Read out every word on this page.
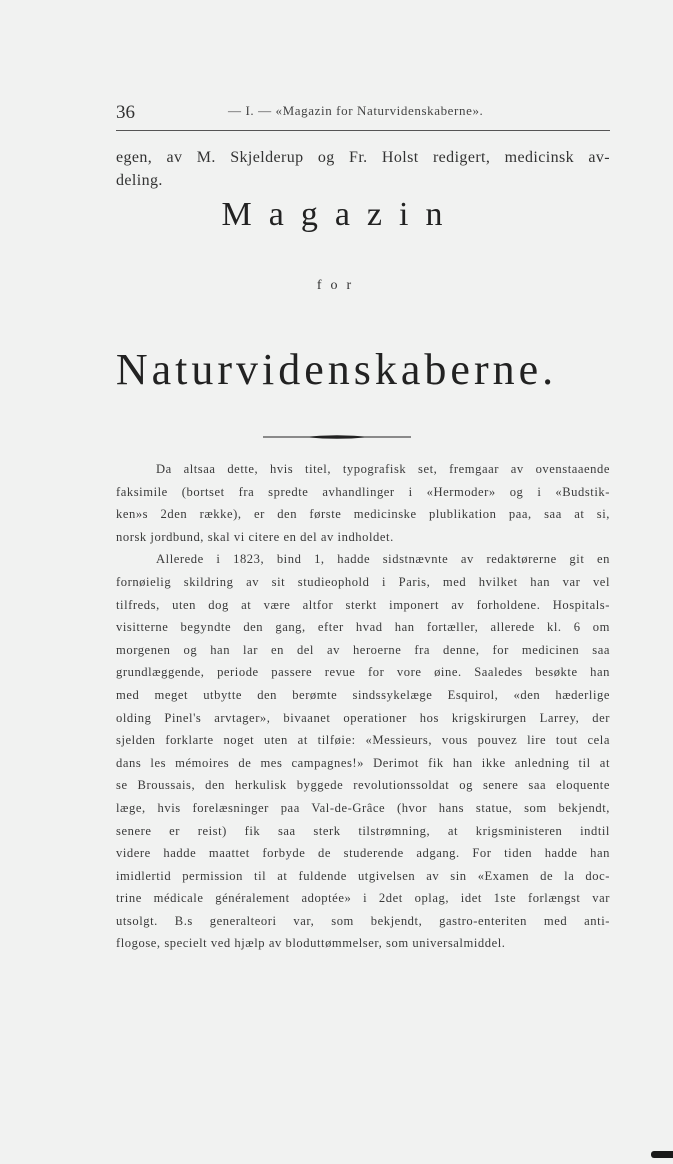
36	— I. — «Magazin for Naturvidenskaberne».
egen, av M. Skjelderup og Fr. Holst redigert, medicinsk av-
deling.
Magazin
for
Naturvidenskaberne.
Da altsaa dette, hvis titel, typografisk set, fremgaar av ovenstaaende
faksimile (bortset fra spredte avhandlinger i «Hermoder» og i «Budstik-
ken»s 2den række), er den første medicinske plublikation paa, saa at si,
norsk jordbund, skal vi citere en del av indholdet.
Allerede i 1823, bind 1, hadde sidstnævnte av redaktørerne git en
fornøielig skildring av sit studieophold i Paris, med hvilket han var vel
tilfreds, uten dog at være altfor sterkt imponert av forholdene. Hospitals-
visitterne begyndte den gang, efter hvad han fortæller, allerede kl. 6 om
morgenen og han lar en del av heroerne fra denne, for medicinen saa
grundlæggende, periode passere revue for vore øine. Saaledes besøkte han
med meget utbytte den berømte sindssykelæge Esquirol, «den hæderlige
olding Pinel's arvtager», bivaanet operationer hos krigskirurgen Larrey, der
sjelden forklarte noget uten at tilføie: «Messieurs, vous pouvez lire tout cela
dans les mémoires de mes campagnes!» Derimot fik han ikke anledning til at
se Broussais, den herkulisk byggede revolutionssoldat og senere saa eloquente
læge, hvis forelæsninger paa Val-de-Grâce (hvor hans statue, som bekjendt,
senere er reist) fik saa sterk tilstrømning, at krigsministeren indtil
videre hadde maattet forbyde de studerende adgang. For tiden hadde han
imidlertid permission til at fuldende utgivelsen av sin «Examen de la doc-
trine médicale généralement adoptée» i 2det oplag, idet 1ste forlængst var
utsolgt. B.s generalteori var, som bekjendt, gastro-enteriten med anti-
flogose, specielt ved hjælp av bloduttømmelser, som universalmiddel.
